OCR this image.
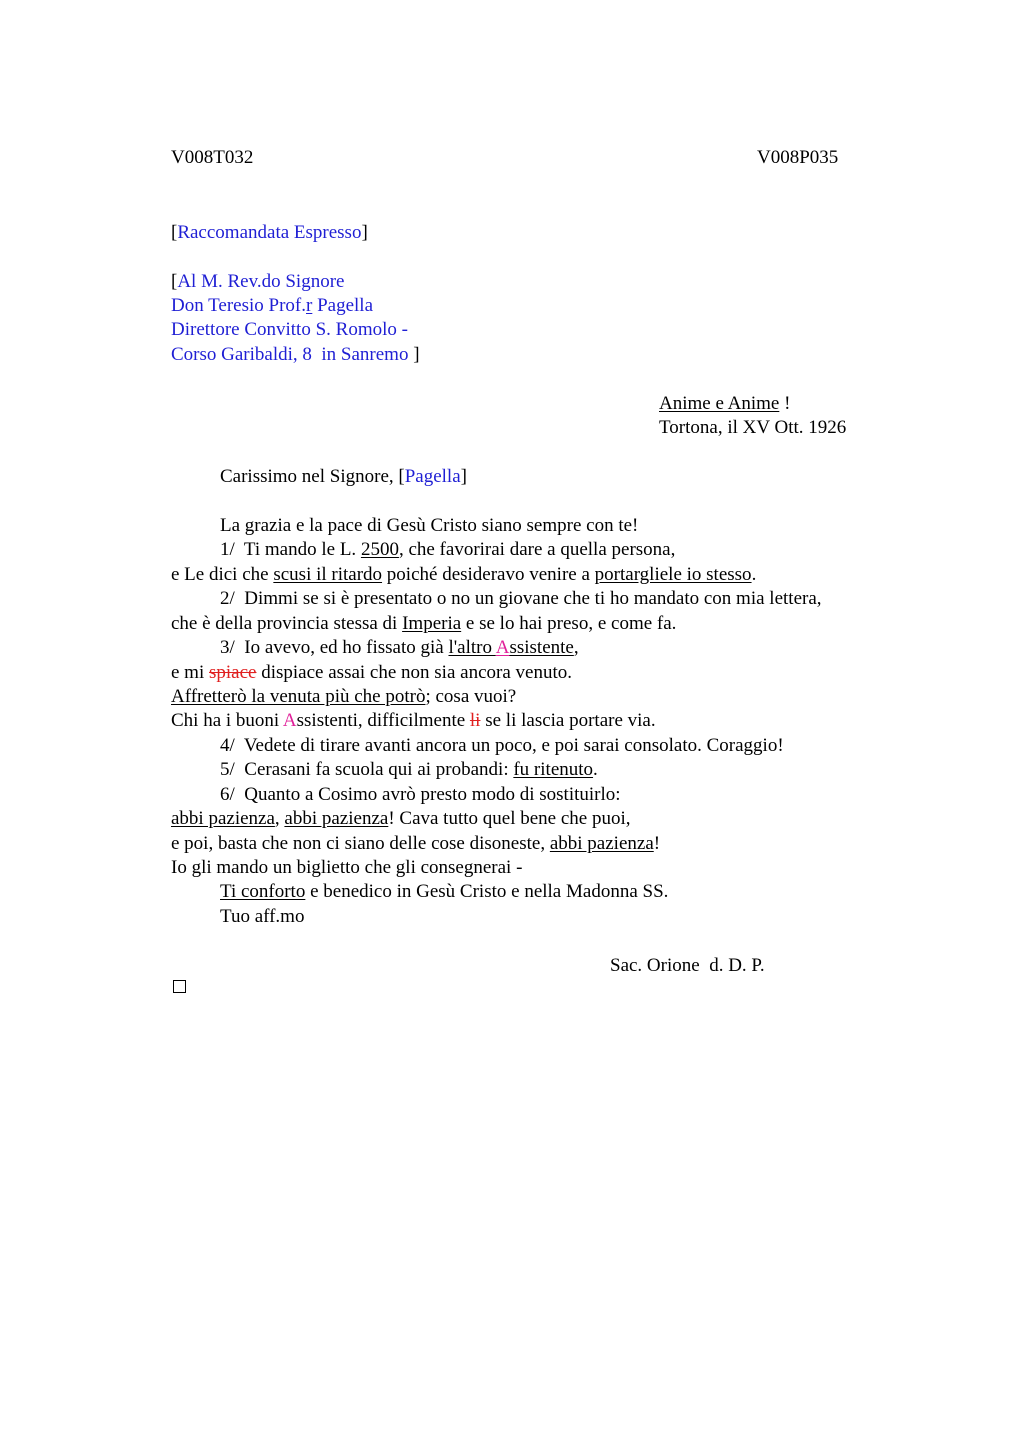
V008T032	V008P035
[Raccomandata Espresso]
[Al M. Rev.do Signore
Don Teresio Prof.r Pagella
Direttore Convitto S. Romolo -
Corso Garibaldi, 8  in Sanremo ]
Anime e Anime !
Tortona, il XV Ott. 1926
Carissimo nel Signore, [Pagella]
La grazia e la pace di Gesù Cristo siano sempre con te!
1/  Ti mando le L. 2500, che favorirai dare a quella persona,
e Le dici che scusi il ritardo poiché desideravo venire a portargliele io stesso.
2/  Dimmi se si è presentato o no un giovane che ti ho mandato con mia lettera,
che è della provincia stessa di Imperia e se lo hai preso, e come fa.
3/  Io avevo, ed ho fissato già l'altro Assistente,
e mi spiace dispiace assai che non sia ancora venuto.
Affretterò la venuta più che potrò; cosa vuoi?
Chi ha i buoni Assistenti, difficilmente li se li lascia portare via.
4/  Vedete di tirare avanti ancora un poco, e poi sarai consolato. Coraggio!
5/  Cerasani fa scuola qui ai probandi: fu ritenuto.
6/  Quanto a Cosimo avrò presto modo di sostituirlo:
abbi pazienza, abbi pazienza! Cava tutto quel bene che puoi,
e poi, basta che non ci siano delle cose disoneste, abbi pazienza!
Io gli mando un biglietto che gli consegnerai -
Ti conforto e benedico in Gesù Cristo e nella Madonna SS.
Tuo aff.mo
Sac. Orione  d. D. P.
